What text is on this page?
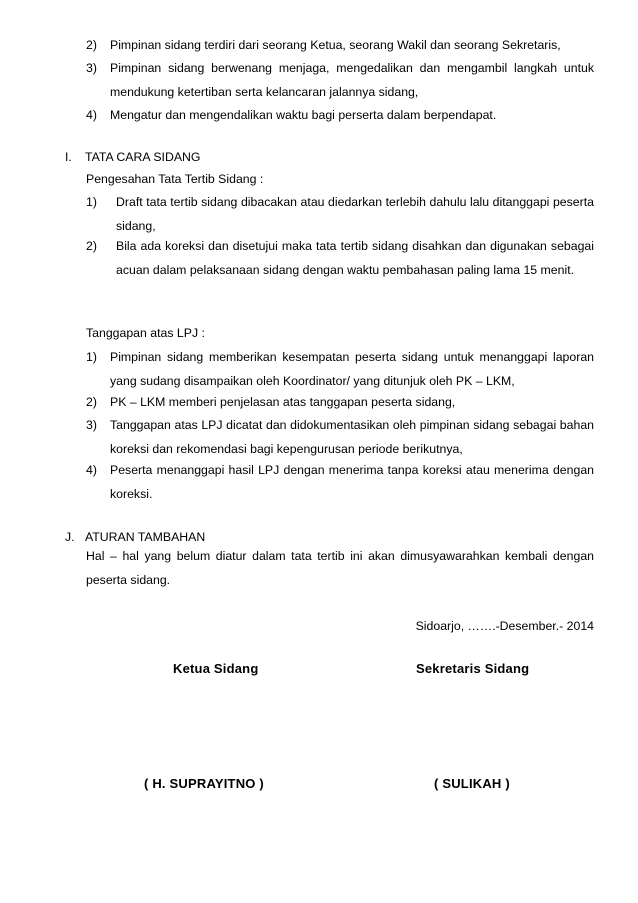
2) Pimpinan sidang terdiri dari seorang Ketua, seorang Wakil dan seorang Sekretaris,
3) Pimpinan sidang berwenang menjaga, mengedalikan dan mengambil langkah untuk mendukung ketertiban serta kelancaran jalannya sidang,
4) Mengatur dan mengendalikan waktu bagi perserta dalam berpendapat.
I. TATA CARA SIDANG
Pengesahan Tata Tertib Sidang :
1) Draft tata tertib sidang dibacakan atau diedarkan terlebih dahulu lalu ditanggapi peserta sidang,
2) Bila ada koreksi dan disetujui maka tata tertib sidang disahkan dan digunakan sebagai acuan dalam pelaksanaan sidang dengan waktu pembahasan paling lama 15 menit.
Tanggapan atas LPJ :
1) Pimpinan sidang memberikan kesempatan peserta sidang untuk menanggapi laporan yang sudang disampaikan oleh Koordinator/ yang ditunjuk oleh PK – LKM,
2) PK – LKM memberi penjelasan atas tanggapan peserta sidang,
3) Tanggapan atas LPJ dicatat dan didokumentasikan oleh pimpinan sidang sebagai bahan koreksi dan rekomendasi bagi kepengurusan periode berikutnya,
4) Peserta menanggapi hasil LPJ dengan menerima tanpa koreksi atau menerima dengan koreksi.
J. ATURAN TAMBAHAN
Hal – hal yang belum diatur dalam tata tertib ini akan dimusyawarahkan kembali dengan peserta sidang.
Sidoarjo, …….-Desember.- 2014
Ketua Sidang	Sekretaris Sidang
( H. SUPRAYITNO )	( SULIKAH )
